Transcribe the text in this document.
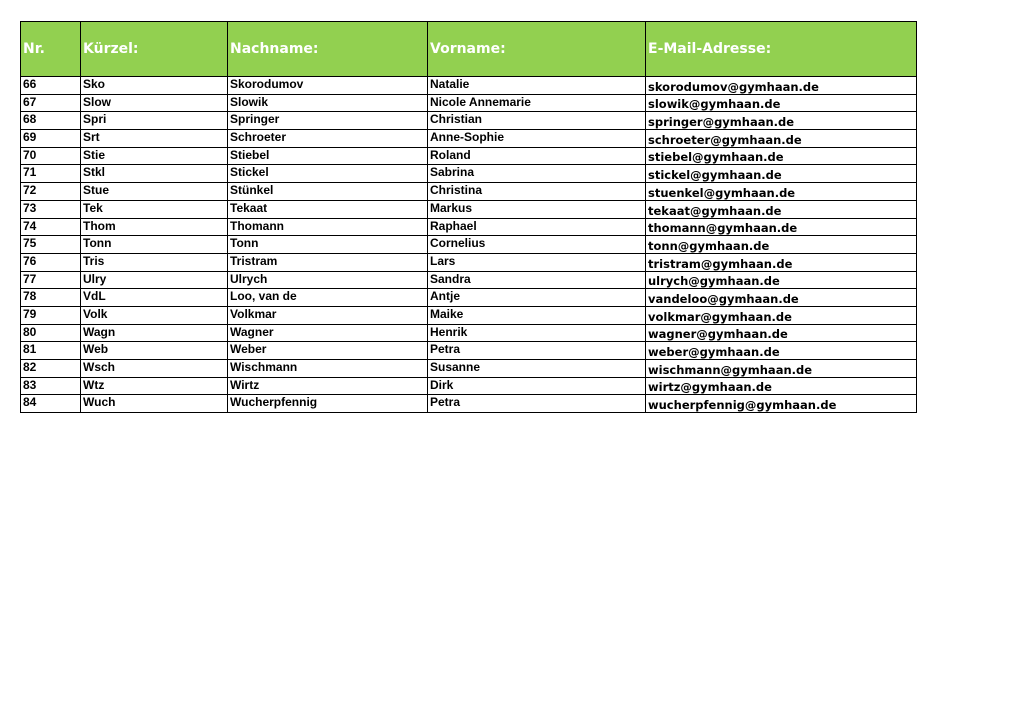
Nr.	Kürzel:	Nachname:	Vorname:	E-Mail-Adresse:
66	Sko	Skorodumov	Natalie	skorodumov@gymhaan.de
67	Slow	Slowik	Nicole Annemarie	slowik@gymhaan.de
68	Spri	Springer	Christian	springer@gymhaan.de
69	Srt	Schroeter	Anne-Sophie	schroeter@gymhaan.de
70	Stie	Stiebel	Roland	stiebel@gymhaan.de
71	Stkl	Stickel	Sabrina	stickel@gymhaan.de
72	Stue	Stünkel	Christina	stuenkel@gymhaan.de
73	Tek	Tekaat	Markus	tekaat@gymhaan.de
74	Thom	Thomann	Raphael	thomann@gymhaan.de
75	Tonn	Tonn	Cornelius	tonn@gymhaan.de
76	Tris	Tristram	Lars	tristram@gymhaan.de
77	Ulry	Ulrych	Sandra	ulrych@gymhaan.de
78	VdL	Loo, van de	Antje	vandeloo@gymhaan.de
79	Volk	Volkmar	Maike	volkmar@gymhaan.de
80	Wagn	Wagner	Henrik	wagner@gymhaan.de
81	Web	Weber	Petra	weber@gymhaan.de
82	Wsch	Wischmann	Susanne	wischmann@gymhaan.de
83	Wtz	Wirtz	Dirk	wirtz@gymhaan.de
84	Wuch	Wucherpfennig	Petra	wucherpfennig@gymhaan.de
